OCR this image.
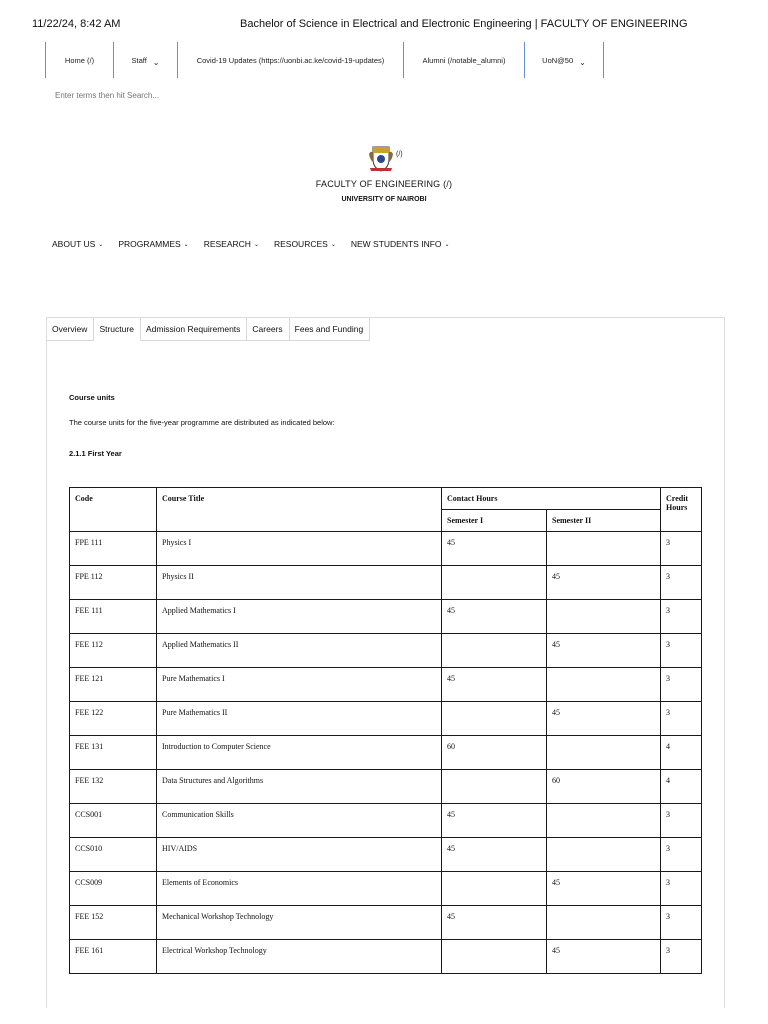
11/22/24, 8:42 AM	Bachelor of Science in Electrical and Electronic Engineering | FACULTY OF ENGINEERING
Home (/)	Staff ⌄	Covid-19 Updates (https://uonbi.ac.ke/covid-19-updates)	Alumni (/notable_alumni)	UoN@50 ⌄
Enter terms then hit Search...
(/)
FACULTY OF ENGINEERING (/)
UNIVERSITY OF NAIROBI
ABOUT US ⌄ PROGRAMMES ⌄ RESEARCH ⌄ RESOURCES ⌄ NEW STUDENTS INFO ⌄
Overview	Structure	Admission Requirements	Careers	Fees and Funding
Course units
The course units for the five-year programme are distributed as indicated below:
2.1.1 First Year
Code	Course Title	Contact Hours		Credit Hours
		Semester I	Semester II	
FPE 111	Physics I	45		3
FPE 112	Physics II		45	3
FEE 111	Applied Mathematics I	45		3
FEE 112	Applied Mathematics II		45	3
FEE 121	Pure Mathematics I	45		3
FEE 122	Pure Mathematics II		45	3
FEE 131	Introduction to Computer Science	60		4
FEE 132	Data Structures and Algorithms		60	4
CCS001	Communication Skills	45		3
CCS010	HIV/AIDS	45		3
CCS009	Elements of Economics		45	3
FEE 152	Mechanical Workshop Technology	45		3
FEE 161	Electrical Workshop Technology		45	3
